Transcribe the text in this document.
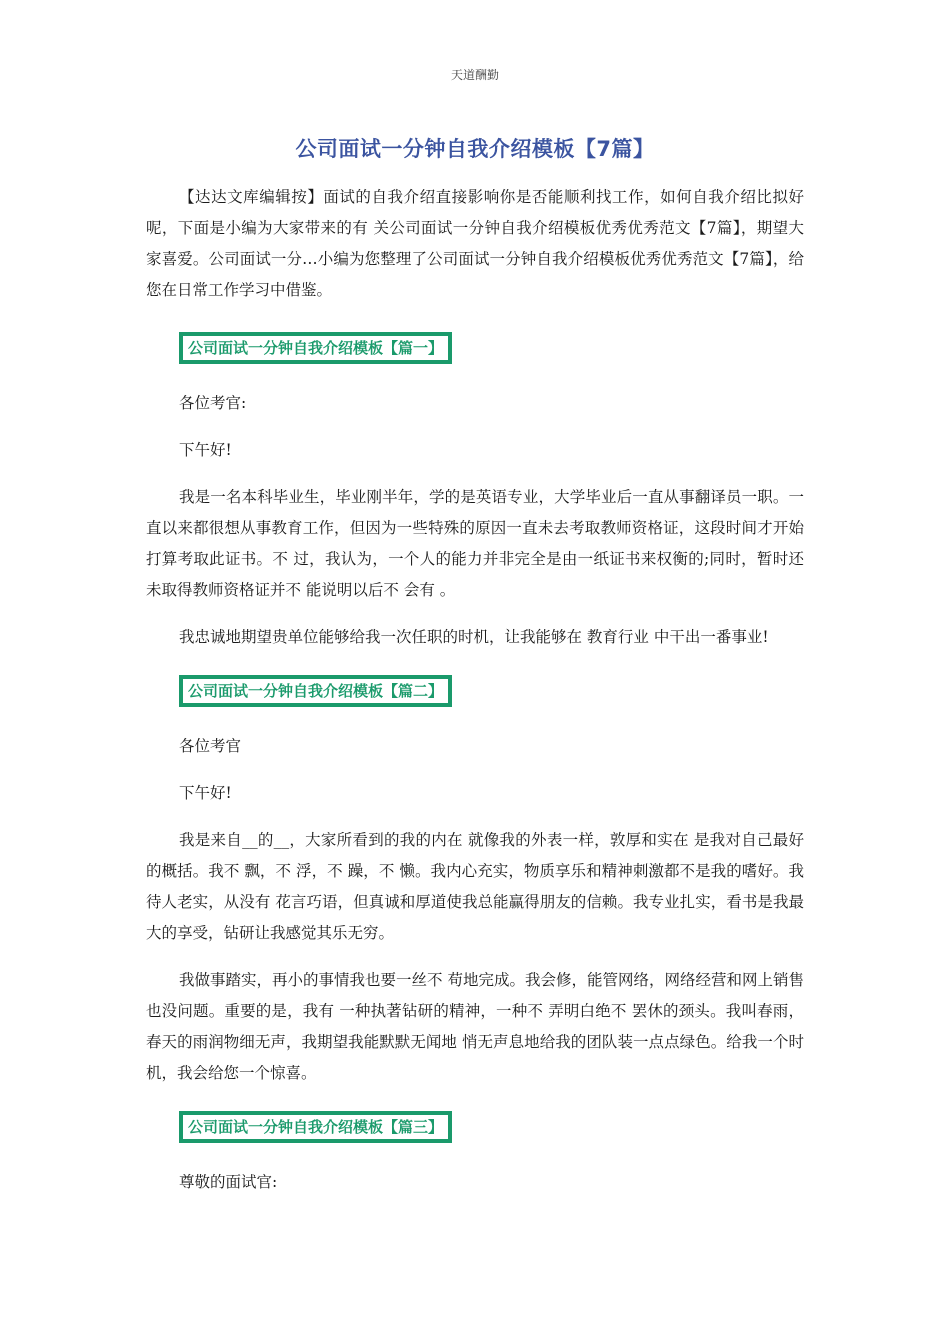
天道酬勤
公司面试一分钟自我介绍模板【7篇】

【达达文库编辑按】面试的自我介绍直接影响你是否能顺利找工作，如何自我介绍比拟好呢，下面是小编为大家带来的有 关公司面试一分钟自我介绍模板优秀优秀范文【7篇】，期望大家喜爱。公司面试一分…小编为您整理了公司面试一分钟自我介绍模板优秀优秀范文【7篇】，给您在日常工作学习中借鉴。

公司面试一分钟自我介绍模板【篇一】

各位考官:

下午好!

我是一名本科毕业生，毕业刚半年，学的是英语专业，大学毕业后一直从事翻译员一职。一直以来都很想从事教育工作，但因为一些特殊的原因一直未去考取教师资格证，这段时间才开始打算考取此证书。不 过，我认为，一个人的能力并非完全是由一纸证书来权衡的;同时，暂时还未取得教师资格证并不 能说明以后不 会有 。

我忠诚地期望贵单位能够给我一次任职的时机，让我能够在 教育行业 中干出一番事业!

公司面试一分钟自我介绍模板【篇二】

各位考官

下午好!

我是来自__的__，大家所看到的我的内在 就像我的外表一样，敦厚和实在 是我对自己最好的概括。我不 飘，不 浮，不 躁，不 懒。我内心充实，物质享乐和精神刺激都不是我的嗜好。我待人老实，从没有 花言巧语，但真诚和厚道使我总能赢得朋友的信赖。我专业扎实，看书是我最大的享受，钻研让我感觉其乐无穷。

我做事踏实，再小的事情我也要一丝不 苟地完成。我会修，能管网络，网络经营和网上销售也没问题。重要的是，我有 一种执著钻研的精神，一种不 弄明白绝不 罢休的颈头。我叫春雨，春天的雨润物细无声，我期望我能默默无闻地 悄无声息地给我的团队装一点点绿色。给我一个时机，我会给您一个惊喜。

公司面试一分钟自我介绍模板【篇三】

尊敬的面试官:
